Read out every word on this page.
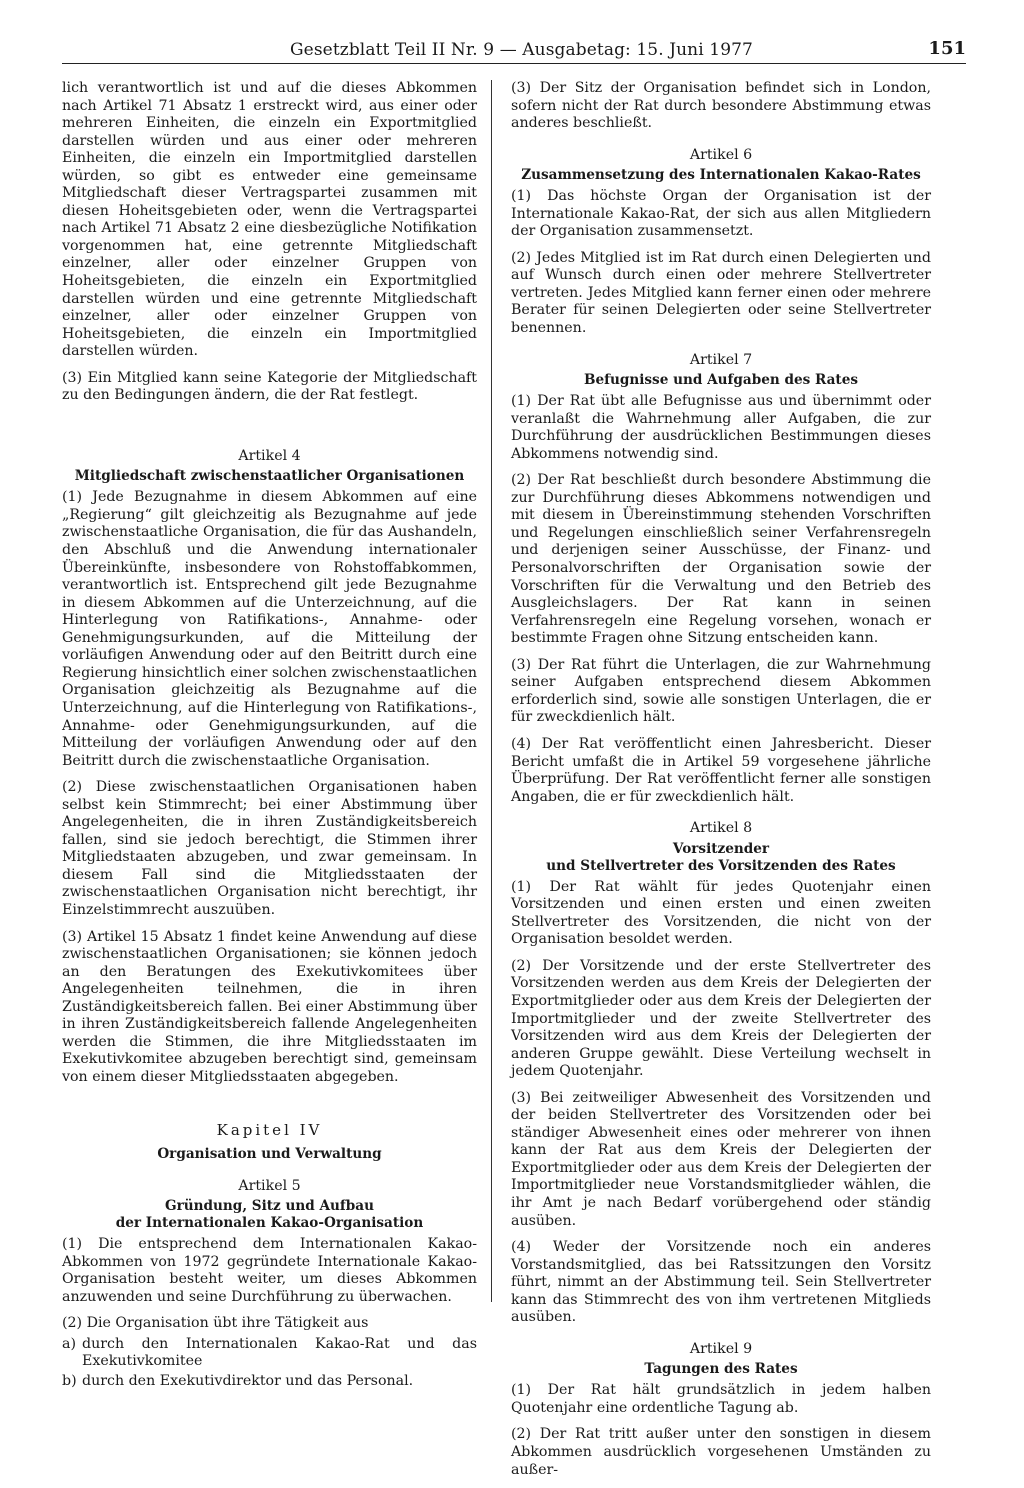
Gesetzblatt Teil II Nr. 9 — Ausgabetag: 15. Juni 1977	151

lich verantwortlich ist und auf die dieses Abkommen nach Artikel 71 Absatz 1 erstreckt wird, aus einer oder mehreren Einheiten, die einzeln ein Exportmitglied darstellen würden und aus einer oder mehreren Einheiten, die einzeln ein Importmitglied darstellen würden, so gibt es entweder eine gemeinsame Mitgliedschaft dieser Vertragspartei zusammen mit diesen Hoheitsgebieten oder, wenn die Vertragspartei nach Artikel 71 Absatz 2 eine diesbezügliche Notifikation vorgenommen hat, eine getrennte Mitgliedschaft einzelner, aller oder einzelner Gruppen von Hoheitsgebieten, die einzeln ein Exportmitglied darstellen würden und eine getrennte Mitgliedschaft einzelner, aller oder einzelner Gruppen von Hoheitsgebieten, die einzeln ein Importmitglied darstellen würden.

(3) Ein Mitglied kann seine Kategorie der Mitgliedschaft zu den Bedingungen ändern, die der Rat festlegt.

Artikel 4
Mitgliedschaft zwischenstaatlicher Organisationen

(1) Jede Bezugnahme in diesem Abkommen auf eine „Regierung“ gilt gleichzeitig als Bezugnahme auf jede zwischenstaatliche Organisation, die für das Aushandeln, den Abschluß und die Anwendung internationaler Übereinkünfte, insbesondere von Rohstoffabkommen, verantwortlich ist. Entsprechend gilt jede Bezugnahme in diesem Abkommen auf die Unterzeichnung, auf die Hinterlegung von Ratifikations-, Annahme- oder Genehmigungsurkunden, auf die Mitteilung der vorläufigen Anwendung oder auf den Beitritt durch eine Regierung hinsichtlich einer solchen zwischenstaatlichen Organisation gleichzeitig als Bezugnahme auf die Unterzeichnung, auf die Hinterlegung von Ratifikations-, Annahme- oder Genehmigungsurkunden, auf die Mitteilung der vorläufigen Anwendung oder auf den Beitritt durch die zwischenstaatliche Organisation.

(2) Diese zwischenstaatlichen Organisationen haben selbst kein Stimmrecht; bei einer Abstimmung über Angelegenheiten, die in ihren Zuständigkeitsbereich fallen, sind sie jedoch berechtigt, die Stimmen ihrer Mitgliedstaaten abzugeben, und zwar gemeinsam. In diesem Fall sind die Mitgliedsstaaten der zwischenstaatlichen Organisation nicht berechtigt, ihr Einzelstimmrecht auszuüben.

(3) Artikel 15 Absatz 1 findet keine Anwendung auf diese zwischenstaatlichen Organisationen; sie können jedoch an den Beratungen des Exekutivkomitees über Angelegenheiten teilnehmen, die in ihren Zuständigkeitsbereich fallen. Bei einer Abstimmung über in ihren Zuständigkeitsbereich fallende Angelegenheiten werden die Stimmen, die ihre Mitgliedsstaaten im Exekutivkomitee abzugeben berechtigt sind, gemeinsam von einem dieser Mitgliedsstaaten abgegeben.

Kapitel IV
Organisation und Verwaltung
Artikel 5
Gründung, Sitz und Aufbau
der Internationalen Kakao-Organisation

(1) Die entsprechend dem Internationalen Kakao-Abkommen von 1972 gegründete Internationale Kakao-Organisation besteht weiter, um dieses Abkommen anzuwenden und seine Durchführung zu überwachen.

(2) Die Organisation übt ihre Tätigkeit aus

a) durch den Internationalen Kakao-Rat und das Exekutivkomitee
b) durch den Exekutivdirektor und das Personal.

(3) Der Sitz der Organisation befindet sich in London, sofern nicht der Rat durch besondere Abstimmung etwas anderes beschließt.

Artikel 6
Zusammensetzung des Internationalen Kakao-Rates

(1) Das höchste Organ der Organisation ist der Internationale Kakao-Rat, der sich aus allen Mitgliedern der Organisation zusammensetzt.

(2) Jedes Mitglied ist im Rat durch einen Delegierten und auf Wunsch durch einen oder mehrere Stellvertreter vertreten. Jedes Mitglied kann ferner einen oder mehrere Berater für seinen Delegierten oder seine Stellvertreter benennen.

Artikel 7
Befugnisse und Aufgaben des Rates

(1) Der Rat übt alle Befugnisse aus und übernimmt oder veranlaßt die Wahrnehmung aller Aufgaben, die zur Durchführung der ausdrücklichen Bestimmungen dieses Abkommens notwendig sind.

(2) Der Rat beschließt durch besondere Abstimmung die zur Durchführung dieses Abkommens notwendigen und mit diesem in Übereinstimmung stehenden Vorschriften und Regelungen einschließlich seiner Verfahrensregeln und derjenigen seiner Ausschüsse, der Finanz- und Personalvorschriften der Organisation sowie der Vorschriften für die Verwaltung und den Betrieb des Ausgleichslagers. Der Rat kann in seinen Verfahrensregeln eine Regelung vorsehen, wonach er bestimmte Fragen ohne Sitzung entscheiden kann.

(3) Der Rat führt die Unterlagen, die zur Wahrnehmung seiner Aufgaben entsprechend diesem Abkommen erforderlich sind, sowie alle sonstigen Unterlagen, die er für zweckdienlich hält.

(4) Der Rat veröffentlicht einen Jahresbericht. Dieser Bericht umfaßt die in Artikel 59 vorgesehene jährliche Überprüfung. Der Rat veröffentlicht ferner alle sonstigen Angaben, die er für zweckdienlich hält.

Artikel 8
Vorsitzender
und Stellvertreter des Vorsitzenden des Rates

(1) Der Rat wählt für jedes Quotenjahr einen Vorsitzenden und einen ersten und einen zweiten Stellvertreter des Vorsitzenden, die nicht von der Organisation besoldet werden.

(2) Der Vorsitzende und der erste Stellvertreter des Vorsitzenden werden aus dem Kreis der Delegierten der Exportmitglieder oder aus dem Kreis der Delegierten der Importmitglieder und der zweite Stellvertreter des Vorsitzenden wird aus dem Kreis der Delegierten der anderen Gruppe gewählt. Diese Verteilung wechselt in jedem Quotenjahr.

(3) Bei zeitweiliger Abwesenheit des Vorsitzenden und der beiden Stellvertreter des Vorsitzenden oder bei ständiger Abwesenheit eines oder mehrerer von ihnen kann der Rat aus dem Kreis der Delegierten der Exportmitglieder oder aus dem Kreis der Delegierten der Importmitglieder neue Vorstandsmitglieder wählen, die ihr Amt je nach Bedarf vorübergehend oder ständig ausüben.

(4) Weder der Vorsitzende noch ein anderes Vorstandsmitglied, das bei Ratssitzungen den Vorsitz führt, nimmt an der Abstimmung teil. Sein Stellvertreter kann das Stimmrecht des von ihm vertretenen Mitglieds ausüben.

Artikel 9
Tagungen des Rates

(1) Der Rat hält grundsätzlich in jedem halben Quotenjahr eine ordentliche Tagung ab.

(2) Der Rat tritt außer unter den sonstigen in diesem Abkommen ausdrücklich vorgesehenen Umständen zu außer-
